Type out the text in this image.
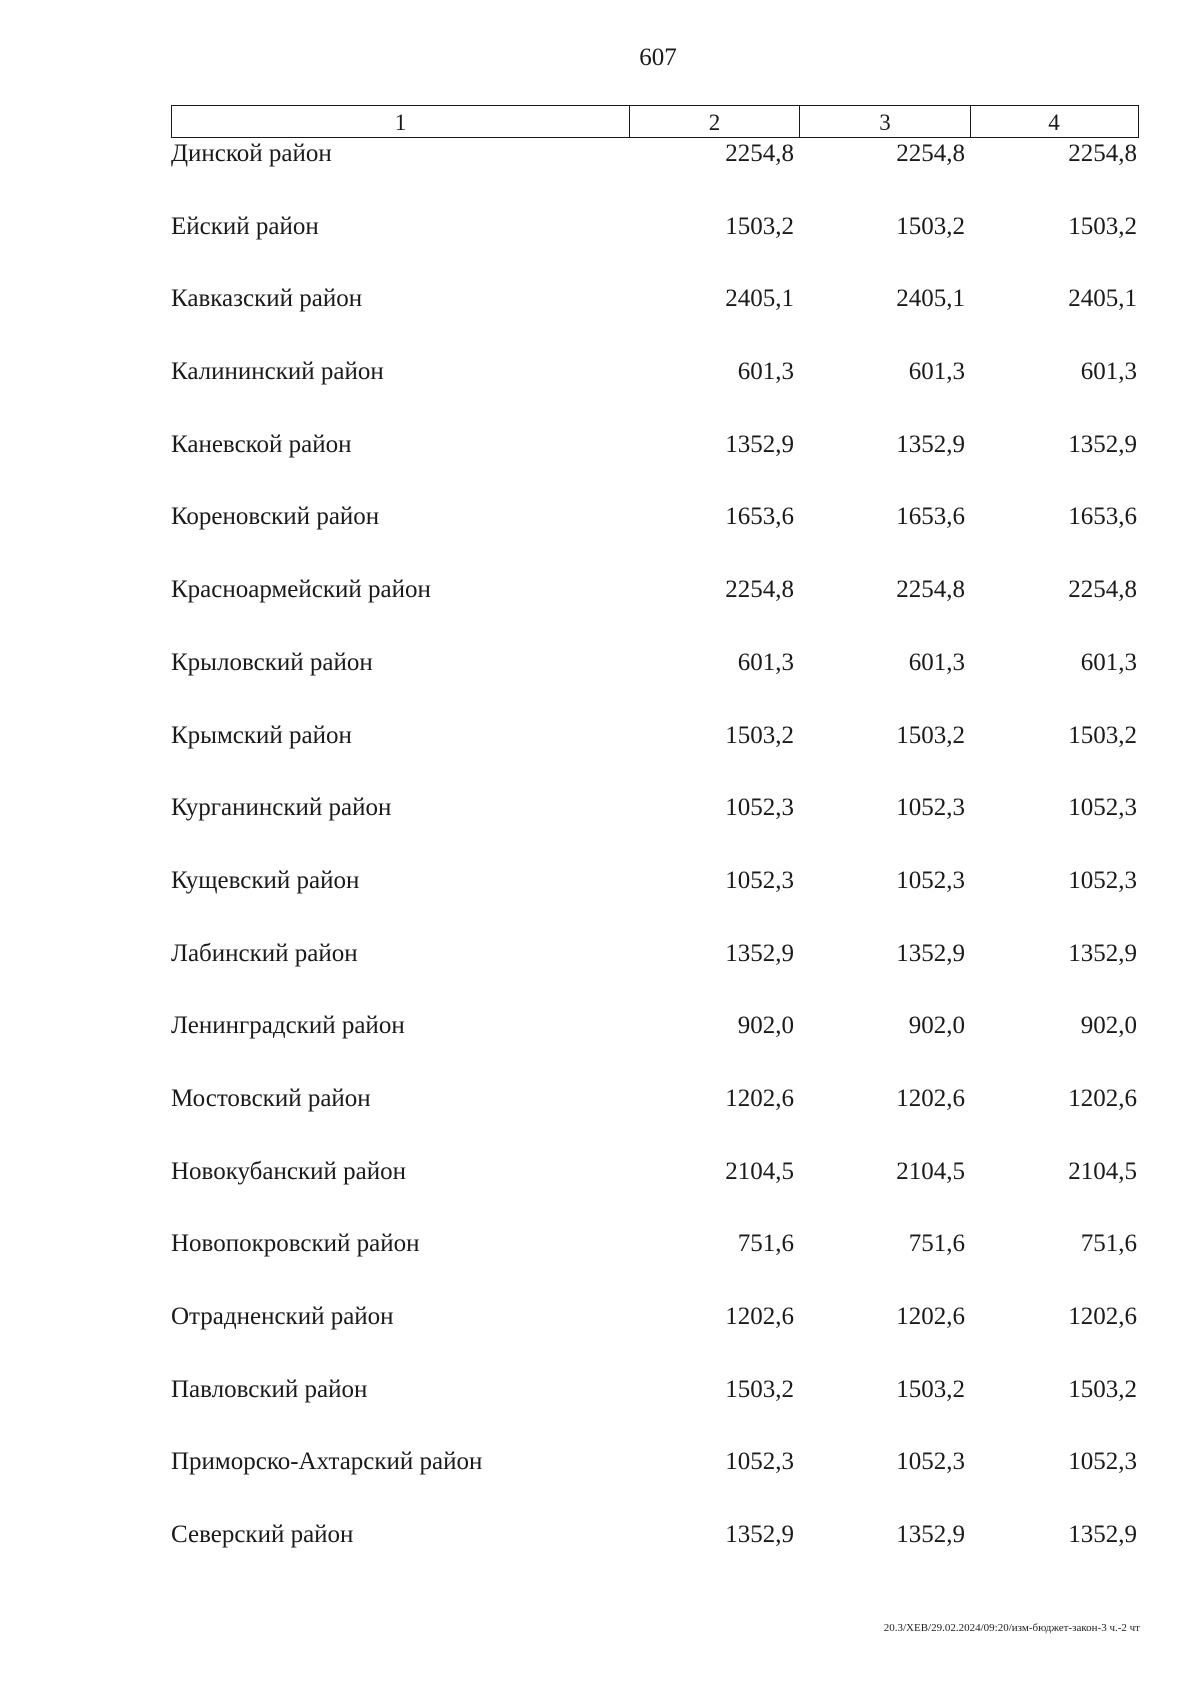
607
1	2	3	4
Динской район	2254,8	2254,8	2254,8
Ейский район	1503,2	1503,2	1503,2
Кавказский район	2405,1	2405,1	2405,1
Калининский район	601,3	601,3	601,3
Каневской район	1352,9	1352,9	1352,9
Кореновский район	1653,6	1653,6	1653,6
Красноармейский район	2254,8	2254,8	2254,8
Крыловский район	601,3	601,3	601,3
Крымский район	1503,2	1503,2	1503,2
Курганинский район	1052,3	1052,3	1052,3
Кущевский район	1052,3	1052,3	1052,3
Лабинский район	1352,9	1352,9	1352,9
Ленинградский район	902,0	902,0	902,0
Мостовский район	1202,6	1202,6	1202,6
Новокубанский район	2104,5	2104,5	2104,5
Новопокровский район	751,6	751,6	751,6
Отрадненский район	1202,6	1202,6	1202,6
Павловский район	1503,2	1503,2	1503,2
Приморско-Ахтарский район	1052,3	1052,3	1052,3
Северский район	1352,9	1352,9	1352,9
20.3/ХЕВ/29.02.2024/09:20/изм-бюджет-закон-3 ч.-2 чт
